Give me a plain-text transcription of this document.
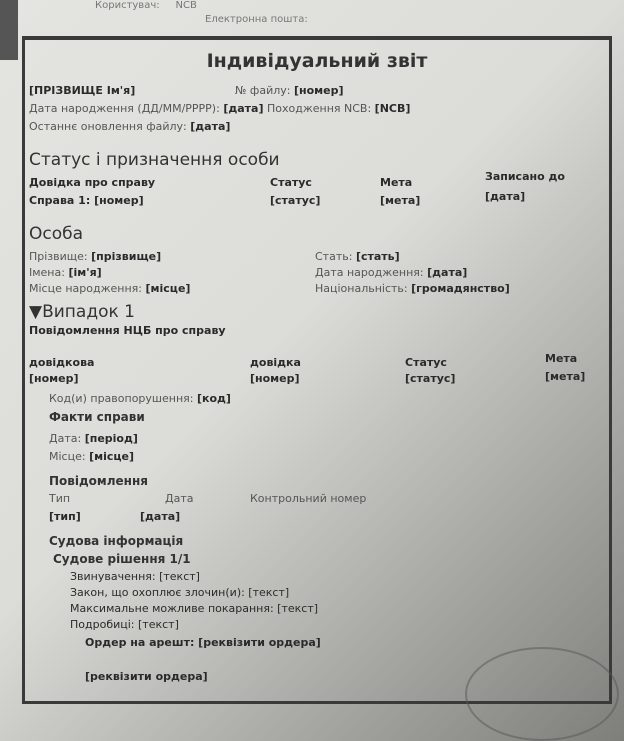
Користувач: NCB
Електронна пошта:
Індивідуальний звіт
[ПРІЗВИЩЕ Ім'я]	№ файлу: [номер]
Дата народження (ДД/ММ/РРРР): [дата] Походження NCB: [NCB]
Останнє оновлення файлу: [дата]
Статус і призначення особи
Довідка про справу	Статус	Мета	Записано до
Справа 1: [номер]	[статус]	[мета]	[дата]
Особа
Прізвище: [прізвище]
Імена: [ім'я]
Місце народження: [місце]
Стать: [стать]
Дата народження: [дата]
Національність: [громадянство]
▼Випадок 1
Повідомлення НЦБ про справу
довідкова	довідка	Статус	Мета
[номер]	[номер]	[статус]	[мета]
Код(и) правопорушення: [код]
Факти справи
Дата: [період]
Місце: [місце]
Повідомлення
Тип	Дата	Контрольний номер
[тип]	[дата]
Судова інформація
Судове рішення 1/1
Звинувачення: [текст]
Закон, що охоплює злочин(и): [текст]
Максимальне можливе покарання: [текст]
Подробиці: [текст]
Ордер на арешт: [реквізити ордера]
[реквізити ордера]
